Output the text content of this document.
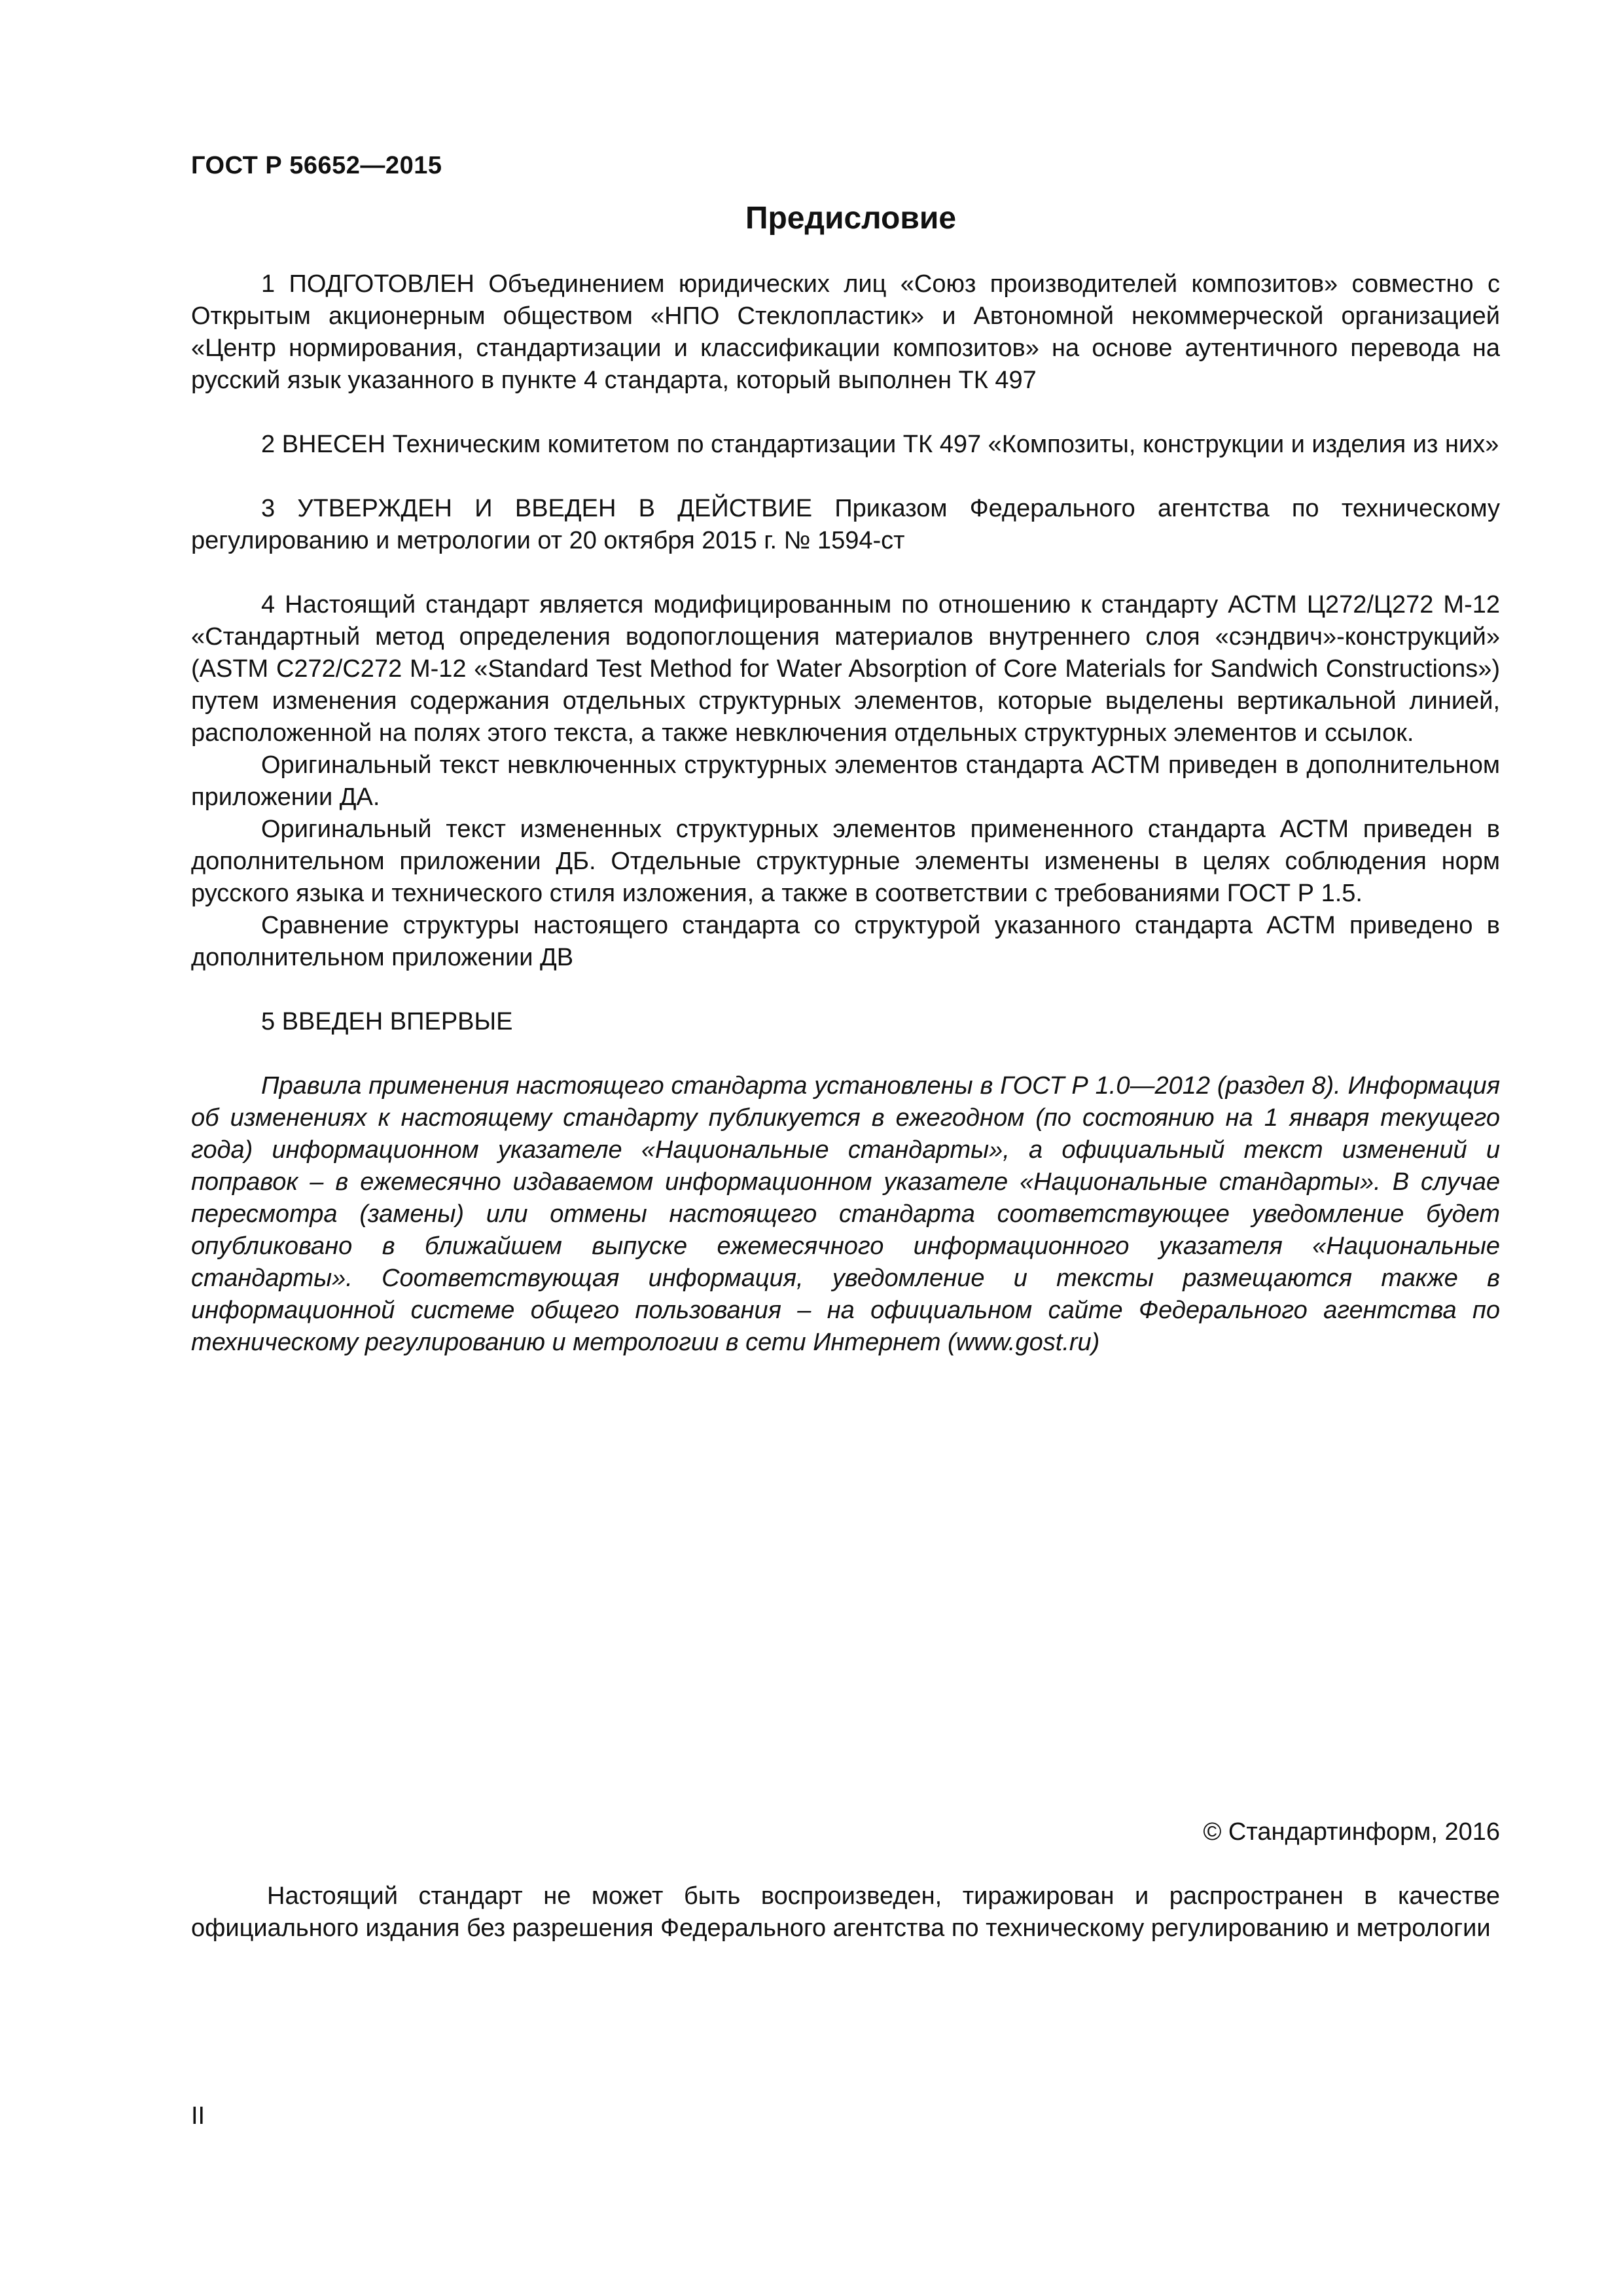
ГОСТ Р 56652—2015
Предисловие

1 ПОДГОТОВЛЕН Объединением юридических лиц «Союз производителей композитов» совместно с Открытым акционерным обществом «НПО Стеклопластик» и Автономной некоммерческой организацией «Центр нормирования, стандартизации и классификации композитов» на основе аутентичного перевода на русский язык указанного в пункте 4 стандарта, который выполнен ТК 497

2 ВНЕСЕН Техническим комитетом по стандартизации ТК 497 «Композиты, конструкции и изделия из них»

3 УТВЕРЖДЕН И ВВЕДЕН В ДЕЙСТВИЕ Приказом Федерального агентства по техническому регулированию и метрологии от 20 октября 2015 г. № 1594-ст

4 Настоящий стандарт является модифицированным по отношению к стандарту АСТМ Ц272/Ц272 М-12 «Стандартный метод определения водопоглощения материалов внутреннего слоя «сэндвич»-конструкций» (ASTM C272/C272 M-12 «Standard Test Method for Water Absorption of Core Materials for Sandwich Constructions») путем изменения содержания отдельных структурных элементов, которые выделены вертикальной линией, расположенной на полях этого текста, а также невключения отдельных структурных элементов и ссылок.

Оригинальный текст невключенных структурных элементов стандарта АСТМ приведен в дополнительном приложении ДА.

Оригинальный текст измененных структурных элементов примененного стандарта АСТМ приведен в дополнительном приложении ДБ. Отдельные структурные элементы изменены в целях соблюдения норм русского языка и технического стиля изложения, а также в соответствии с требованиями ГОСТ Р 1.5.

Сравнение структуры настоящего стандарта со структурой указанного стандарта АСТМ приведено в дополнительном приложении ДВ

5 ВВЕДЕН ВПЕРВЫЕ

Правила применения настоящего стандарта установлены в ГОСТ Р 1.0—2012 (раздел 8). Информация об изменениях к настоящему стандарту публикуется в ежегодном (по состоянию на 1 января текущего года) информационном указателе «Национальные стандарты», а официальный текст изменений и поправок – в ежемесячно издаваемом информационном указателе «Национальные стандарты». В случае пересмотра (замены) или отмены настоящего стандарта соответствующее уведомление будет опубликовано в ближайшем выпуске ежемесячного информационного указателя «Национальные стандарты». Соответствующая информация, уведомление и тексты размещаются также в информационной системе общего пользования – на официальном сайте Федерального агентства по техническому регулированию и метрологии в сети Интернет (www.gost.ru)

© Стандартинформ, 2016

Настоящий стандарт не может быть воспроизведен, тиражирован и распространен в качестве официального издания без разрешения Федерального агентства по техническому регулированию и метрологии

II
